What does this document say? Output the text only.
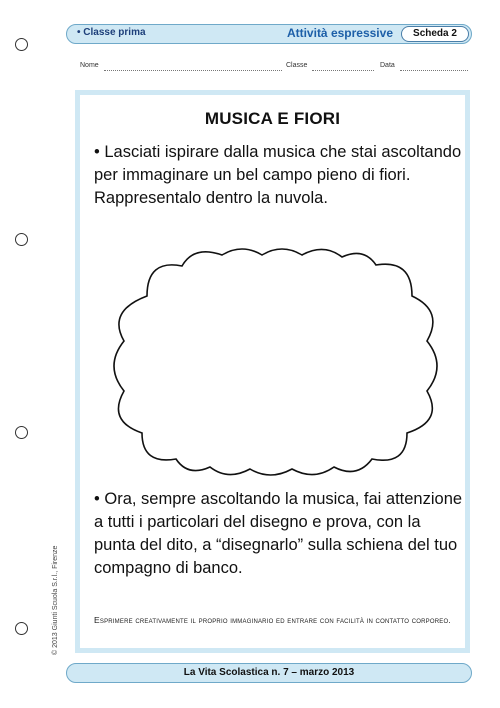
• Classe prima	Attività espressive	Scheda 2
Nome	Classe	Data
MUSICA E FIORI
• Lasciati ispirare dalla musica che stai ascoltando per immaginare un bel campo pieno di fiori. Rappresentalo dentro la nuvola.
• Ora, sempre ascoltando la musica, fai attenzione a tutti i particolari del disegno e prova, con la punta del dito, a “disegnarlo” sulla schiena del tuo compagno di banco.
Esprimere creativamente il proprio immaginario ed entrare con facilità in contatto corporeo.
© 2013 Giunti Scuola S.r.l., Firenze
La Vita Scolastica n. 7 – marzo 2013
